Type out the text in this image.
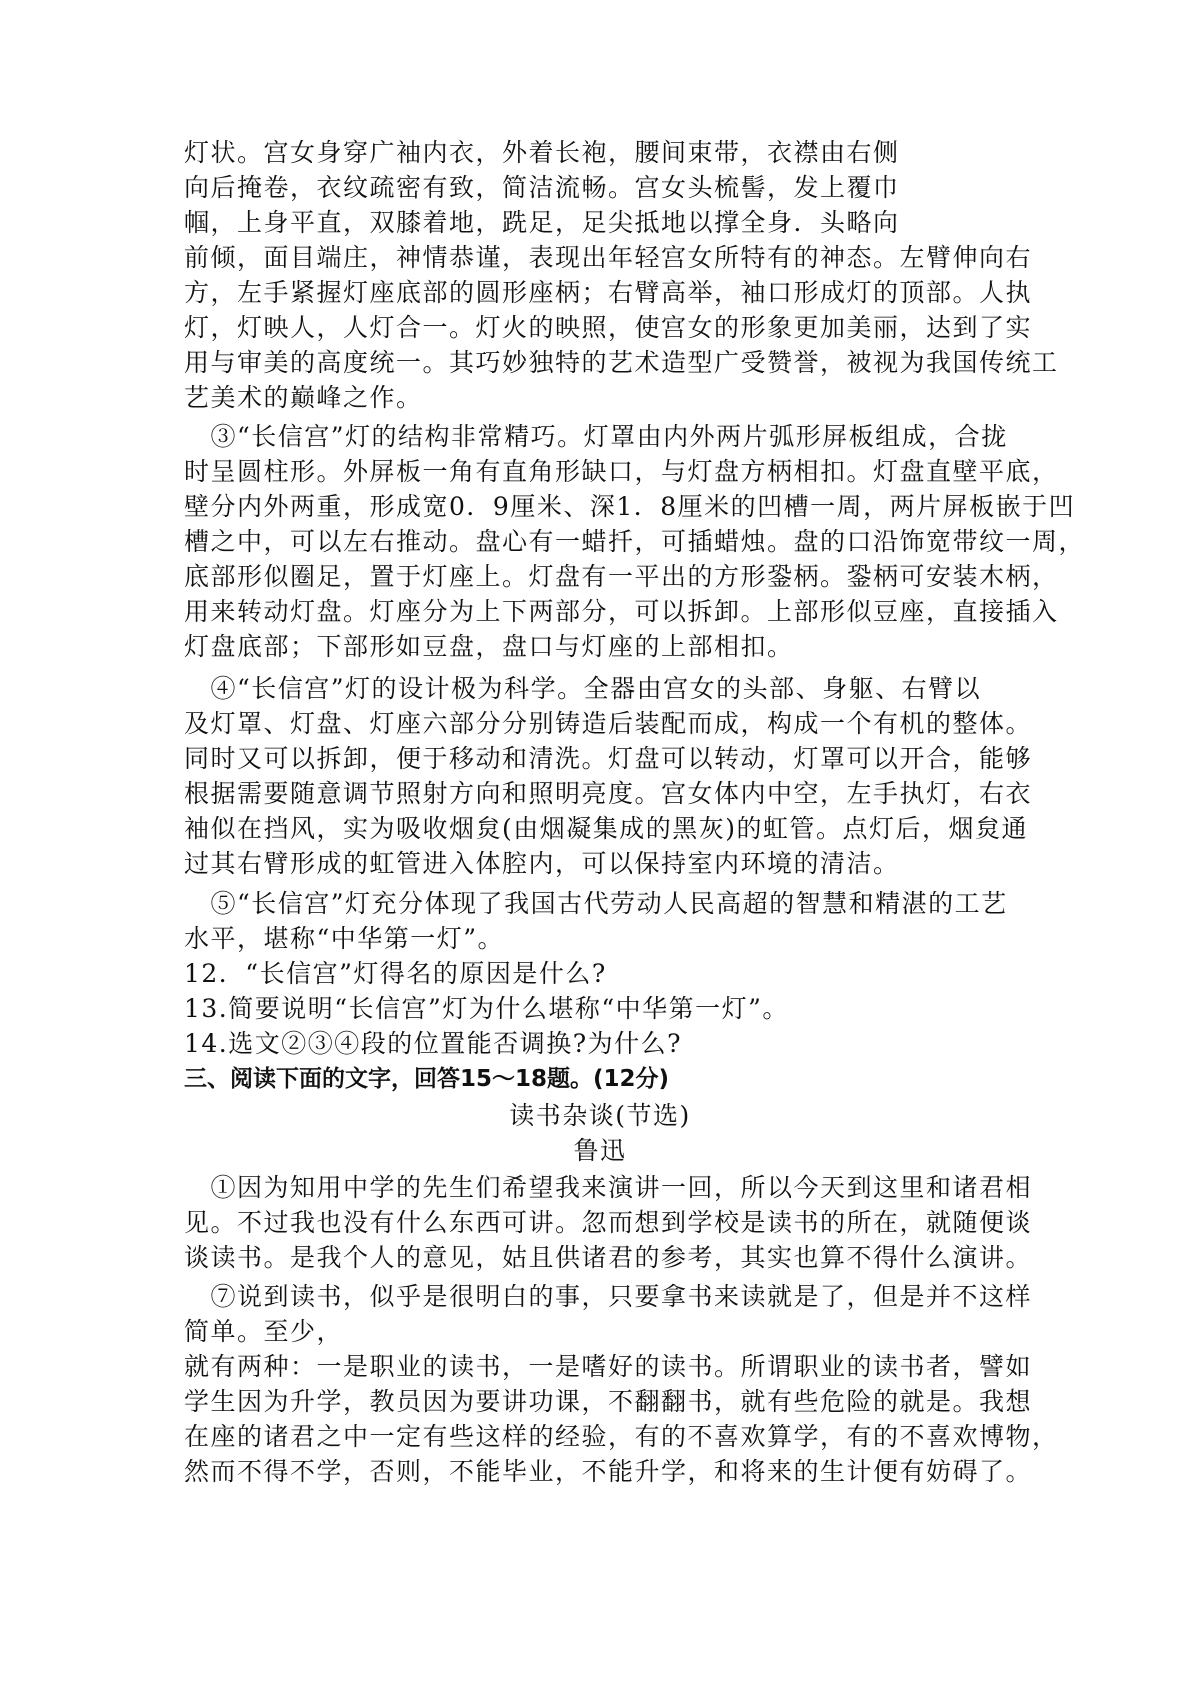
灯状。宫女身穿广袖内衣，外着长袍，腰间束带，衣襟由右侧
向后掩卷，衣纹疏密有致，简洁流畅。宫女头梳髻，发上覆巾
帼，上身平直，双膝着地，跣足，足尖抵地以撑全身．头略向
前倾，面目端庄，神情恭谨，表现出年轻宫女所特有的神态。左臂伸向右
方，左手紧握灯座底部的圆形座柄；右臂高举，袖口形成灯的顶部。人执
灯，灯映人，人灯合一。灯火的映照，使宫女的形象更加美丽，达到了实
用与审美的高度统一。其巧妙独特的艺术造型广受赞誉，被视为我国传统工
艺美术的巅峰之作。
　③“长信宫”灯的结构非常精巧。灯罩由内外两片弧形屏板组成，合拢
时呈圆柱形。外屏板一角有直角形缺口，与灯盘方柄相扣。灯盘直壁平底，
壁分内外两重，形成宽0．9厘米、深1．8厘米的凹槽一周，两片屏板嵌于凹
槽之中，可以左右推动。盘心有一蜡扦，可插蜡烛。盘的口沿饰宽带纹一周，
底部形似圈足，置于灯座上。灯盘有一平出的方形銎柄。銎柄可安装木柄，
用来转动灯盘。灯座分为上下两部分，可以拆卸。上部形似豆座，直接插入
灯盘底部；下部形如豆盘，盘口与灯座的上部相扣。
　④“长信宫”灯的设计极为科学。全器由宫女的头部、身躯、右臂以
及灯罩、灯盘、灯座六部分分别铸造后装配而成，构成一个有机的整体。
同时又可以拆卸，便于移动和清洗。灯盘可以转动，灯罩可以开合，能够
根据需要随意调节照射方向和照明亮度。宫女体内中空，左手执灯，右衣
袖似在挡风，实为吸收烟炱(由烟凝集成的黑灰)的虹管。点灯后，烟炱通
过其右臂形成的虹管进入体腔内，可以保持室内环境的清洁。
　⑤“长信宫”灯充分体现了我国古代劳动人民高超的智慧和精湛的工艺
水平，堪称“中华第一灯”。
12．“长信宫”灯得名的原因是什么?
13.简要说明“长信宫”灯为什么堪称“中华第一灯”。
14.选文②③④段的位置能否调换?为什么?
三、阅读下面的文字，回答15～18题。(12分)
读书杂谈(节选)
鲁迅
　①因为知用中学的先生们希望我来演讲一回，所以今天到这里和诸君相
见。不过我也没有什么东西可讲。忽而想到学校是读书的所在，就随便谈
谈读书。是我个人的意见，姑且供诸君的参考，其实也算不得什么演讲。
　⑦说到读书，似乎是很明白的事，只要拿书来读就是了，但是并不这样
简单。至少，
就有两种：一是职业的读书，一是嗜好的读书。所谓职业的读书者，譬如
学生因为升学，教员因为要讲功课，不翻翻书，就有些危险的就是。我想
在座的诸君之中一定有些这样的经验，有的不喜欢算学，有的不喜欢博物，
然而不得不学，否则，不能毕业，不能升学，和将来的生计便有妨碍了。
